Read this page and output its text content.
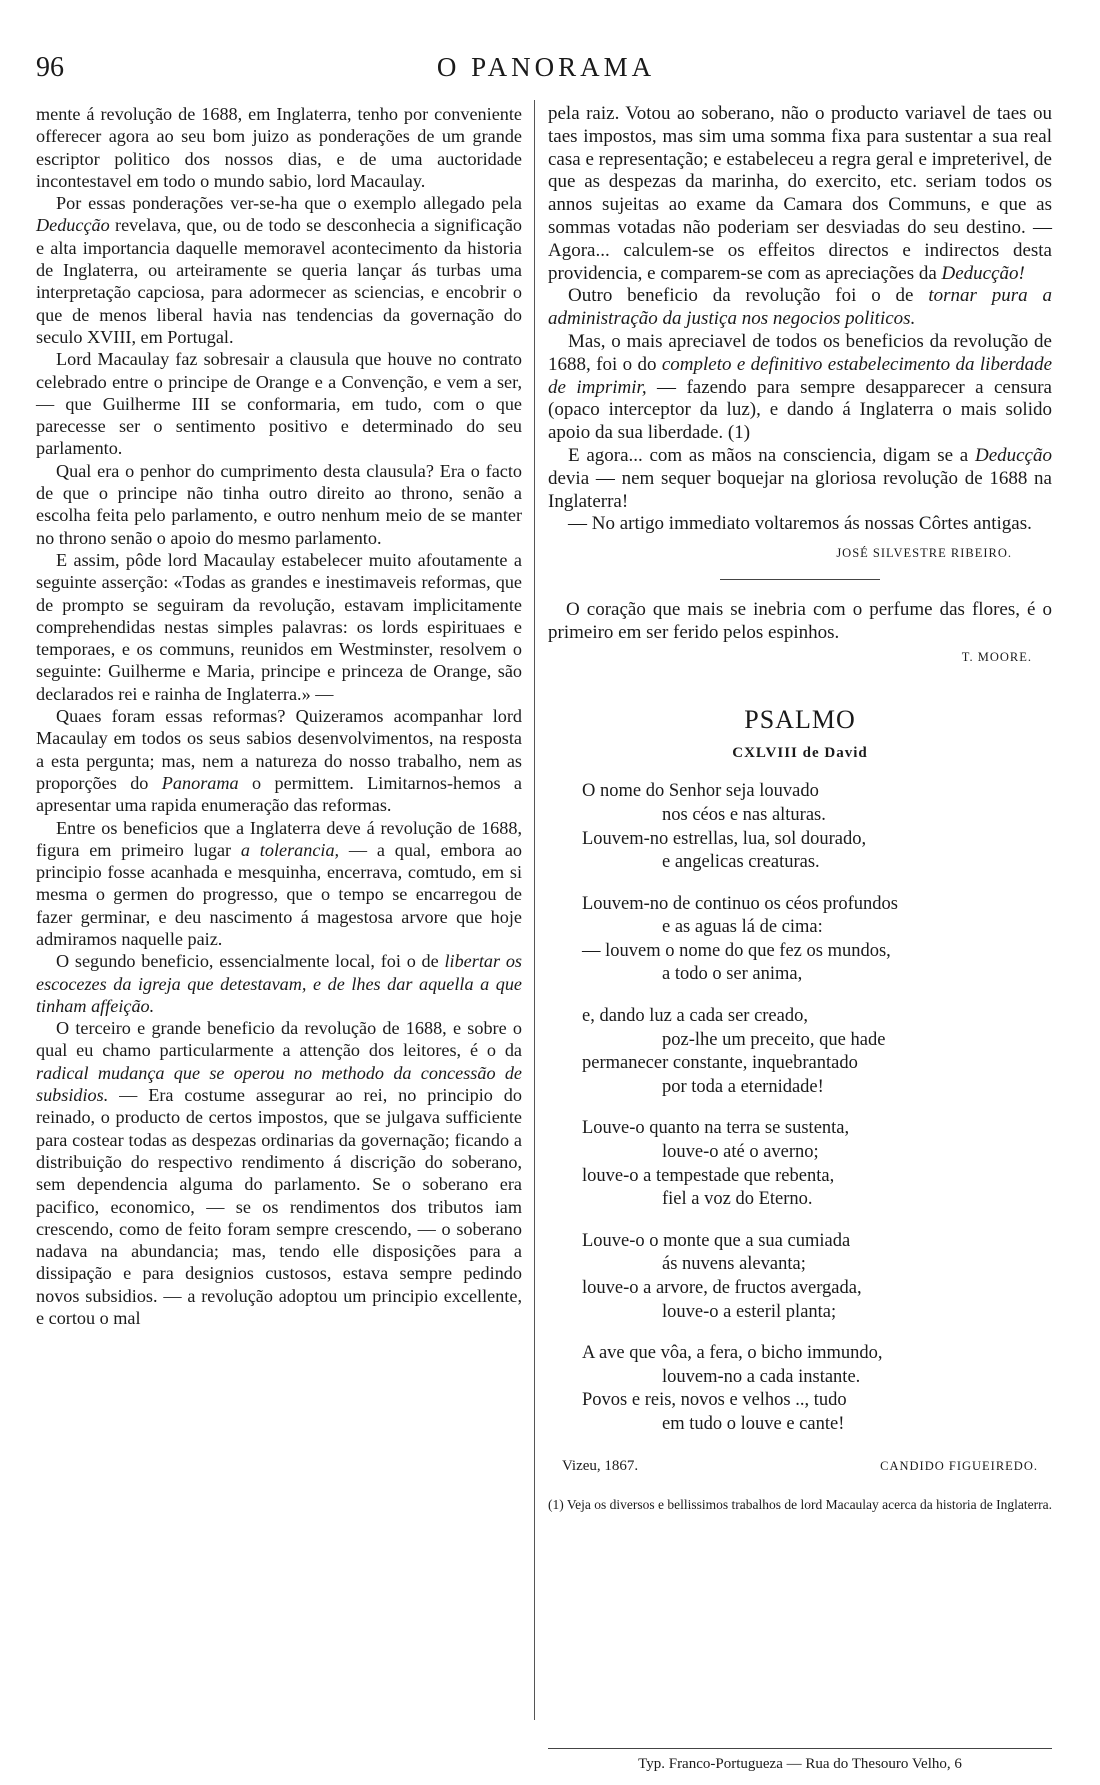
96	O PANORAMA

mente á revolução de 1688, em Inglaterra, tenho por conveniente offerecer agora ao seu bom juizo as ponderações de um grande escriptor politico dos nossos dias, e de uma auctoridade incontestavel em todo o mundo sabio, lord Macaulay.

Por essas ponderações ver-se-ha que o exemplo allegado pela Deducção revelava, que, ou de todo se desconhecia a significação e alta importancia daquelle memoravel acontecimento da historia de Inglaterra, ou arteiramente se queria lançar ás turbas uma interpretação capciosa, para adormecer as sciencias, e encobrir o que de menos liberal havia nas tendencias da governação do seculo XVIII, em Portugal.

Lord Macaulay faz sobresair a clausula que houve no contrato celebrado entre o principe de Orange e a Convenção, e vem a ser, — que Guilherme III se conformaria, em tudo, com o que parecesse ser o sentimento positivo e determinado do seu parlamento.

Qual era o penhor do cumprimento desta clausula? Era o facto de que o principe não tinha outro direito ao throno, senão a escolha feita pelo parlamento, e outro nenhum meio de se manter no throno senão o apoio do mesmo parlamento.

E assim, pôde lord Macaulay estabelecer muito afoutamente a seguinte asserção: «Todas as grandes e inestimaveis reformas, que de prompto se seguiram da revolução, estavam implicitamente comprehendidas nestas simples palavras: os lords espirituaes e temporaes, e os communs, reunidos em Westminster, resolvem o seguinte: Guilherme e Maria, principe e princeza de Orange, são declarados rei e rainha de Inglaterra.» —

Quaes foram essas reformas? Quizeramos acompanhar lord Macaulay em todos os seus sabios desenvolvimentos, na resposta a esta pergunta; mas, nem a natureza do nosso trabalho, nem as proporções do Panorama o permittem. Limitarnos-hemos a apresentar uma rapida enumeração das reformas.

Entre os beneficios que a Inglaterra deve á revolução de 1688, figura em primeiro lugar a tolerancia, — a qual, embora ao principio fosse acanhada e mesquinha, encerrava, comtudo, em si mesma o germen do progresso, que o tempo se encarregou de fazer germinar, e deu nascimento á magestosa arvore que hoje admiramos naquelle paiz.

O segundo beneficio, essencialmente local, foi o de libertar os escocezes da igreja que detestavam, e de lhes dar aquella a que tinham affeição.

O terceiro e grande beneficio da revolução de 1688, e sobre o qual eu chamo particularmente a attenção dos leitores, é o da radical mudança que se operou no methodo da concessão de subsidios. — Era costume assegurar ao rei, no principio do reinado, o producto de certos impostos, que se julgava sufficiente para costear todas as despezas ordinarias da governação; ficando a distribuição do respectivo rendimento á discrição do soberano, sem dependencia alguma do parlamento. Se o soberano era pacifico, economico, — se os rendimentos dos tributos iam crescendo, como de feito foram sempre crescendo, — o soberano nadava na abundancia; mas, tendo elle disposições para a dissipação e para designios custosos, estava sempre pedindo novos subsidios. — a revolução adoptou um principio excellente, e cortou o mal

pela raiz. Votou ao soberano, não o producto variavel de taes ou taes impostos, mas sim uma somma fixa para sustentar a sua real casa e representação; e estabeleceu a regra geral e impreterivel, de que as despezas da marinha, do exercito, etc. seriam todos os annos sujeitas ao exame da Camara dos Communs, e que as sommas votadas não poderiam ser desviadas do seu destino. — Agora... calculem-se os effeitos directos e indirectos desta providencia, e comparem-se com as apreciações da Deducção!

Outro beneficio da revolução foi o de tornar pura a administração da justiça nos negocios politicos.

Mas, o mais apreciavel de todos os beneficios da revolução de 1688, foi o do completo e definitivo estabelecimento da liberdade de imprimir, — fazendo para sempre desapparecer a censura (opaco interceptor da luz), e dando á Inglaterra o mais solido apoio da sua liberdade. (1)

E agora... com as mãos na consciencia, digam se a Deducção devia — nem sequer boquejar na gloriosa revolução de 1688 na Inglaterra!

— No artigo immediato voltaremos ás nossas Côrtes antigas.

JOSÉ SILVESTRE RIBEIRO.

O coração que mais se inebria com o perfume das flores, é o primeiro em ser ferido pelos espinhos.

T. MOORE.

PSALMO

CXLVIII de David

O nome do Senhor seja louvado
nos céos e nas alturas.
Louvem-no estrellas, lua, sol dourado,
e angelicas creaturas.
Louvem-no de continuo os céos profundos
e as aguas lá de cima:
— louvem o nome do que fez os mundos,
a todo o ser anima,
e, dando luz a cada ser creado,
poz-lhe um preceito, que hade
permanecer constante, inquebrantado
por toda a eternidade!
Louve-o quanto na terra se sustenta,
louve-o até o averno;
louve-o a tempestade que rebenta,
fiel a voz do Eterno.
Louve-o o monte que a sua cumiada
ás nuvens alevanta;
louve-o a arvore, de fructos avergada,
louve-o a esteril planta;
A ave que vôa, a fera, o bicho immundo,
louvem-no a cada instante.
Povos e reis, novos e velhos .., tudo
em tudo o louve e cante!
Vizeu, 1867.	CANDIDO FIGUEIREDO.

(1) Veja os diversos e bellissimos trabalhos de lord Macaulay acerca da historia de Inglaterra.

Typ. Franco-Portugueza — Rua do Thesouro Velho, 6
